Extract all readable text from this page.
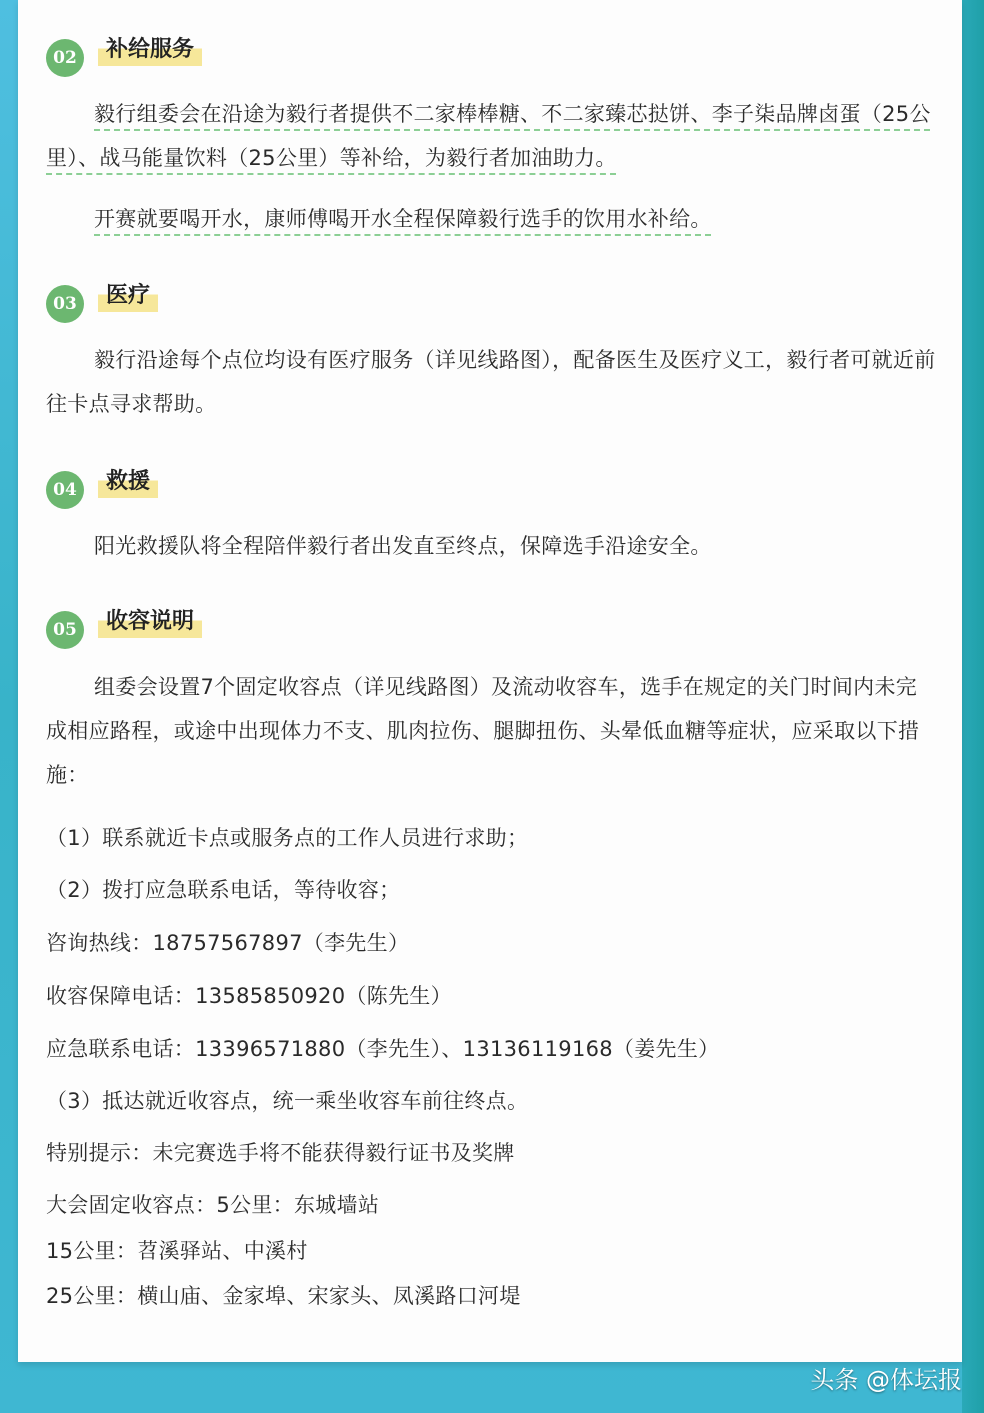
02	补给服务
毅行组委会在沿途为毅行者提供不二家棒棒糖、不二家臻芯挞饼、李子柒品牌卤蛋（25公里）、战马能量饮料（25公里）等补给，为毅行者加油助力。
开赛就要喝开水，康师傅喝开水全程保障毅行选手的饮用水补给。
03	医疗
毅行沿途每个点位均设有医疗服务（详见线路图），配备医生及医疗义工，毅行者可就近前往卡点寻求帮助。
04	救援
阳光救援队将全程陪伴毅行者出发直至终点，保障选手沿途安全。
05	收容说明
组委会设置7个固定收容点（详见线路图）及流动收容车，选手在规定的关门时间内未完成相应路程，或途中出现体力不支、肌肉拉伤、腿脚扭伤、头晕低血糖等症状，应采取以下措施：
（1）联系就近卡点或服务点的工作人员进行求助；
（2）拨打应急联系电话，等待收容；
咨询热线：18757567897（李先生）
收容保障电话：13585850920（陈先生）
应急联系电话：13396571880（李先生）、13136119168（姜先生）
（3）抵达就近收容点，统一乘坐收容车前往终点。
特别提示：未完赛选手将不能获得毅行证书及奖牌
大会固定收容点：5公里：东城墙站
15公里：苕溪驿站、中溪村
25公里：横山庙、金家埠、宋家头、凤溪路口河堤
头条 @体坛报
